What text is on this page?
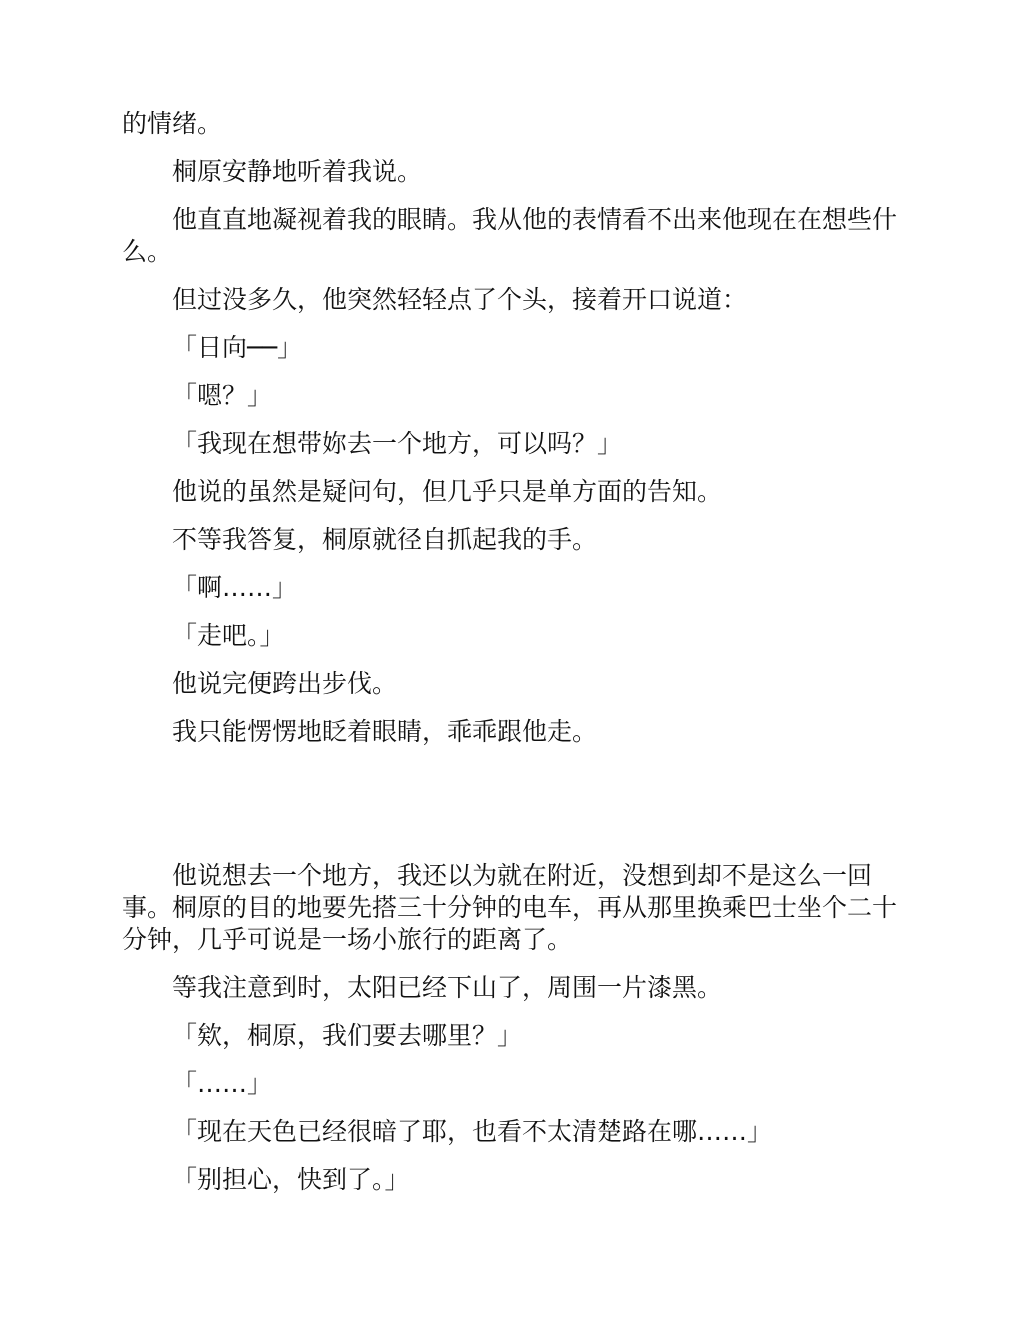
的情绪。

桐原安静地听着我说。

他直直地凝视着我的眼睛。我从他的表情看不出来他现在在想些什么。

但过没多久，他突然轻轻点了个头，接着开口说道：

「日向──」

「嗯？」

「我现在想带妳去一个地方，可以吗？」

他说的虽然是疑问句，但几乎只是单方面的告知。

不等我答复，桐原就径自抓起我的手。

「啊……」

「走吧。」

他说完便跨出步伐。

我只能愣愣地眨着眼睛，乖乖跟他走。

他说想去一个地方，我还以为就在附近，没想到却不是这么一回事。桐原的目的地要先搭三十分钟的电车，再从那里换乘巴士坐个二十分钟，几乎可说是一场小旅行的距离了。

等我注意到时，太阳已经下山了，周围一片漆黑。

「欸，桐原，我们要去哪里？」

「……」

「现在天色已经很暗了耶，也看不太清楚路在哪……」

「别担心，快到了。」
